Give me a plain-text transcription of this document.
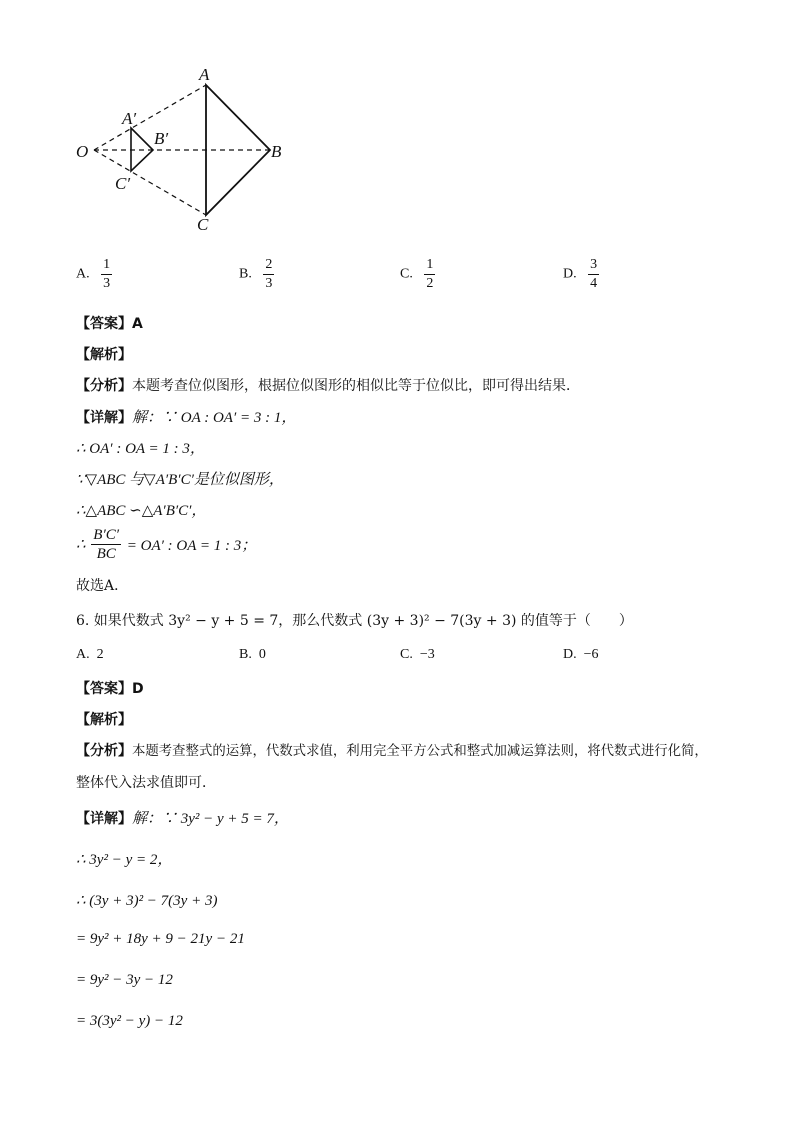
A
A′
B′
B
O
C′
C
A. $\frac{1}{3}$	B. $\frac{2}{3}$	C. $\frac{1}{2}$	D. $\frac{3}{4}$
【答案】A
【解析】
【分析】本题考查位似图形，根据位似图形的相似比等于位似比，即可得出结果．
【详解】解：∵ OA : OA′ = 3 : 1，
∴ OA′ : OA = 1 : 3，
∵▽ABC 与▽A′B′C′是位似图形，
∴△ABC ∽△A′B′C′，
∴ $\frac{B'C'}{BC} = OA'$ : OA = 1 : 3；
故选A．
6. 如果代数式 3y² − y + 5 = 7，那么代数式 (3y + 3)² − 7(3y + 3) 的值等于（　　）
A. 2	B. 0	C. −3	D. −6
【答案】D
【解析】
【分析】本题考查整式的运算，代数式求值，利用完全平方公式和整式加减运算法则，将代数式进行化简，
整体代入法求值即可．
【详解】解：∵ 3y² − y + 5 = 7，
∴ 3y² − y = 2，
∴ (3y + 3)² − 7(3y + 3)
= 9y² + 18y + 9 − 21y − 21
= 9y² − 3y − 12
= 3(3y² − y) − 12
